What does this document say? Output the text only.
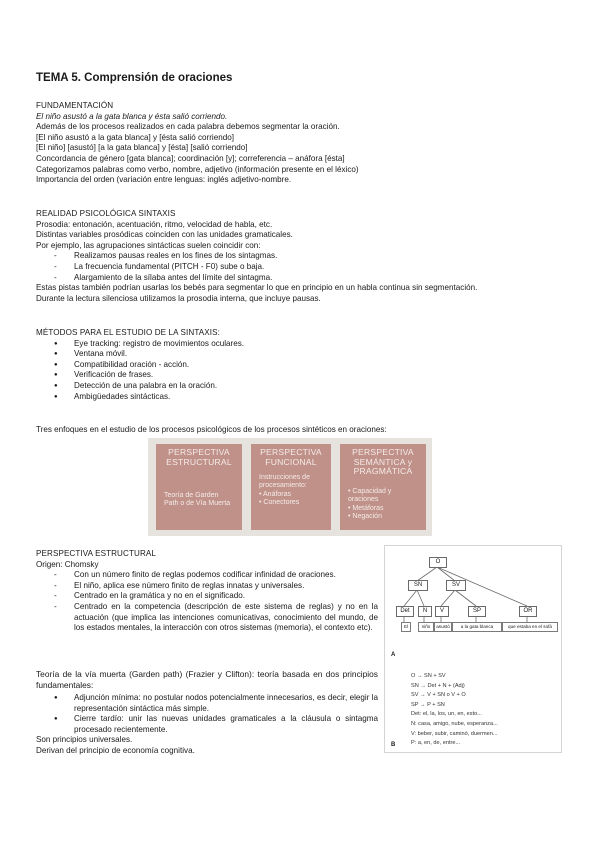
TEMA 5. Comprensión de oraciones
FUNDAMENTACIÓN
El niño asustó a la gata blanca y ésta salió corriendo.
Además de los procesos realizados en cada palabra debemos segmentar la oración.
[El niño asustó a la gata blanca] y [ésta salió corriendo]
[El niño] [asustó] [a la gata blanca] y [ésta] [salió corriendo]
Concordancia de género [gata blanca]; coordinación [y]; correferencia – anáfora [ésta]
Categorizamos palabras como verbo, nombre, adjetivo (información presente en el léxico)
Importancia del orden (variación entre lenguas: inglés adjetivo-nombre.
REALIDAD PSICOLÓGICA SINTAXIS
Prosodia: entonación, acentuación, ritmo, velocidad de habla, etc.
Distintas variables prosódicas coinciden con las unidades gramaticales.
Por ejemplo, las agrupaciones sintácticas suelen coincidir con:
- Realizamos pausas reales en los fines de los sintagmas.
- La frecuencia fundamental (PITCH - F0) sube o baja.
- Alargamiento de la sílaba antes del límite del sintagma.
Estas pistas también podrían usarlas los bebés para segmentar lo que en principio en un habla continua sin segmentación.
Durante la lectura silenciosa utilizamos la prosodia interna, que incluye pausas.
MÉTODOS PARA EL ESTUDIO DE LA SINTAXIS:
● Eye tracking: registro de movimientos oculares.
● Ventana móvil.
● Compatibilidad oración - acción.
● Verificación de frases.
● Detección de una palabra en la oración.
● Ambigüedades sintácticas.
Tres enfoques en el estudio de los procesos psicológicos de los procesos sintéticos en oraciones:
PERSPECTIVA ESTRUCTURAL
Teoría de Garden
Path o de Vía Muerta
PERSPECTIVA FUNCIONAL
Instrucciones de
procesamiento:
• Anáforas
• Conectores
PERSPECTIVA SEMÁNTICA y PRAGMÁTICA
• Capacidad y
oraciones
• Metáforas
• Negación
PERSPECTIVA ESTRUCTURAL
Origen: Chomsky
- Con un número finito de reglas podemos codificar infinidad de oraciones.
- El niño, aplica ese número finito de reglas innatas y universales.
- Centrado en la gramática y no en el significado.
- Centrado en la competencia (descripción de este sistema de reglas) y no en la actuación (que implica las intenciones comunicativas, conocimiento del mundo, de los estados mentales, la interacción con otros sistemas (memoria), el contexto etc).
Teoría de la vía muerta (Garden path) (Frazier y Clifton): teoría basada en dos principios fundamentales:
● Adjunción mínima: no postular nodos potencialmente innecesarios, es decir, elegir la representación sintáctica más simple.
● Cierre tardío: unir las nuevas unidades gramaticales a la cláusula o sintagma procesado recientemente.
Son principios universales.
Derivan del principio de economía cognitiva.
O
SN	SV
Det	N	V	SP	OR
El	niño	asustó	a la gata blanca	que estaba en el sofá
A
O → SN + SV
SN → Det + N + (Adj)
SV → V + SN o V + O
SP → P + SN
Det: el, la, los, un, en, esto...
N: casa, amigo, nube, esperanza...
V: beber, subir, caminó, duermen...
P: a, en, de, entre...
B
